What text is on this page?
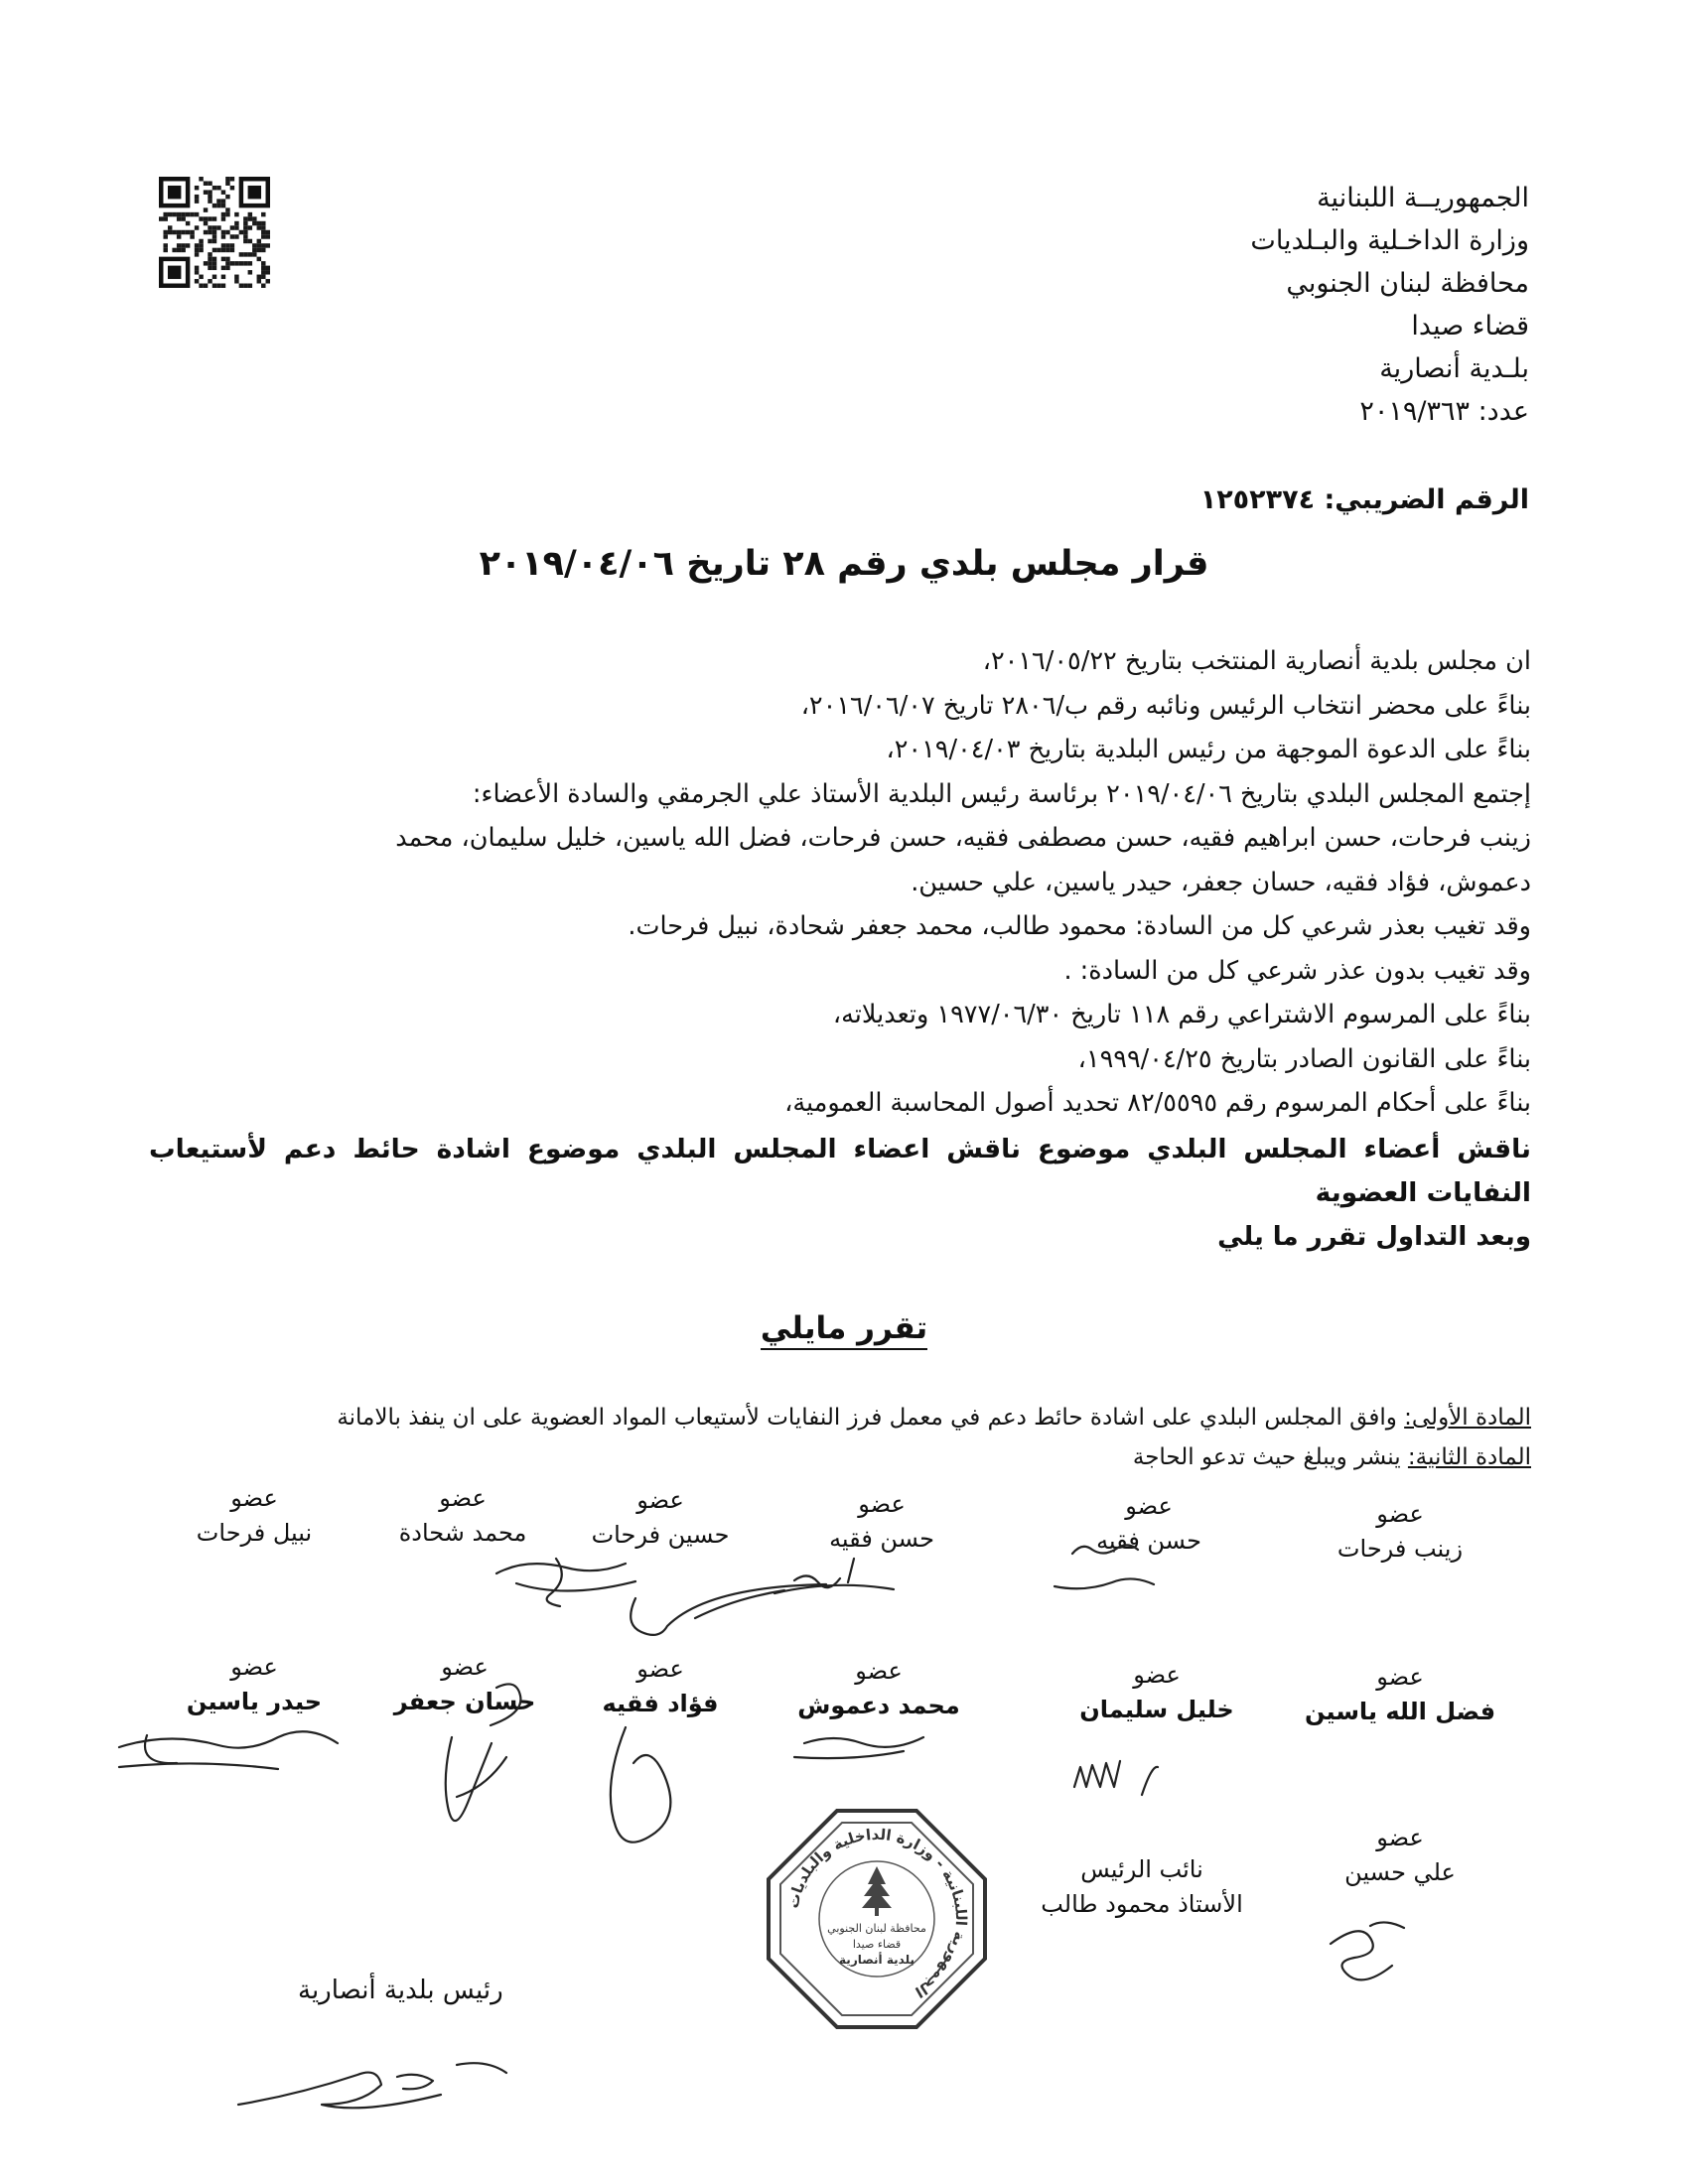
الجمهوريــة اللبنانية
وزارة الداخـلية والبـلديات
محافظة لبنان الجنوبي
قضاء صيدا
بلـدية أنصارية
عدد: ٢٠١٩/٣٦٣
الرقم الضريبي: ١٢٥٢٣٧٤
قرار مجلس بلدي رقم ٢٨ تاريخ ٢٠١٩/٠٤/٠٦
ان مجلس بلدية أنصارية المنتخب بتاريخ ٢٠١٦/٠٥/٢٢،
بناءً على محضر انتخاب الرئيس ونائبه رقم ب/٢٨٠٦ تاريخ ٢٠١٦/٠٦/٠٧،
بناءً على الدعوة الموجهة من رئيس البلدية بتاريخ ٢٠١٩/٠٤/٠٣،
إجتمع المجلس البلدي بتاريخ ٢٠١٩/٠٤/٠٦ برئاسة رئيس البلدية الأستاذ علي الجرمقي والسادة الأعضاء:
زينب فرحات، حسن ابراهيم فقيه، حسن مصطفى فقيه، حسن فرحات، فضل الله ياسين، خليل سليمان، محمد
دعموش، فؤاد فقيه، حسان جعفر، حيدر ياسين، علي حسين.
وقد تغيب بعذر شرعي كل من السادة: محمود طالب، محمد جعفر شحادة، نبيل فرحات.
وقد تغيب بدون عذر شرعي كل من السادة: .
بناءً على المرسوم الاشتراعي رقم ١١٨ تاريخ ١٩٧٧/٠٦/٣٠ وتعديلاته،
بناءً على القانون الصادر بتاريخ ١٩٩٩/٠٤/٢٥،
بناءً على أحكام المرسوم رقم ٨٢/٥٥٩٥ تحديد أصول المحاسبة العمومية،
ناقش أعضاء المجلس البلدي موضوع ناقش اعضاء المجلس البلدي موضوع اشادة حائط دعم لأستيعاب النفايات العضوية
وبعد التداول تقرر ما يلي
تقرر مايلي
المادة الأولى: وافق المجلس البلدي على اشادة حائط دعم في معمل فرز النفايات لأستيعاب المواد العضوية على ان ينفذ بالامانة
المادة الثانية: ينشر ويبلغ حيث تدعو الحاجة
عضو
زينب فرحات
عضو
حسن فقيه
عضو
حسن فقيه
عضو
حسين فرحات
عضو
محمد شحادة
عضو
نبيل فرحات
عضو
فضل الله ياسين
عضو
خليل سليمان
عضو
محمد دعموش
عضو
فؤاد فقيه
عضو
حسان جعفر
عضو
حيدر ياسين
عضو
علي حسين
نائب الرئيس
الأستاذ محمود طالب
الجمهورية اللبنانية - وزارة الداخلية والبلديات
محافظة لبنان الجنوبي
قضاء صيدا
بلدية أنصارية
رئيس بلدية أنصارية
